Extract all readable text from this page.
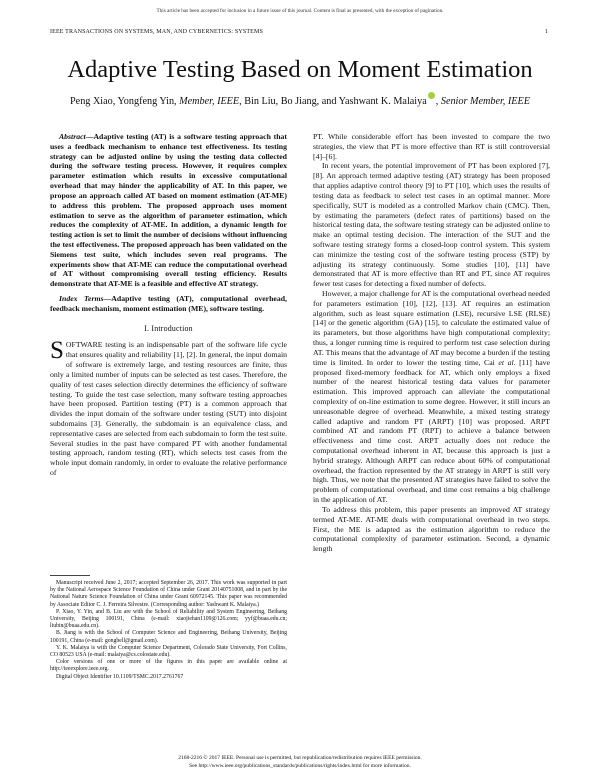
This article has been accepted for inclusion in a future issue of this journal. Content is final as presented, with the exception of pagination.
IEEE TRANSACTIONS ON SYSTEMS, MAN, AND CYBERNETICS: SYSTEMS	1
Adaptive Testing Based on Moment Estimation
Peng Xiao, Yongfeng Yin, Member, IEEE, Bin Liu, Bo Jiang, and Yashwant K. Malaiya , Senior Member, IEEE

Abstract—Adaptive testing (AT) is a software testing approach that uses a feedback mechanism to enhance test effectiveness. Its testing strategy can be adjusted online by using the testing data collected during the software testing process. However, it requires complex parameter estimation which results in excessive computational overhead that may hinder the applicability of AT. In this paper, we propose an approach called AT based on moment estimation (AT-ME) to address this problem. The proposed approach uses moment estimation to serve as the algorithm of parameter estimation, which reduces the complexity of AT-ME. In addition, a dynamic length for testing action is set to limit the number of decisions without influencing the test effectiveness. The proposed approach has been validated on the Siemens test suite, which includes seven real programs. The experiments show that AT-ME can reduce the computational overhead of AT without compromising overall testing efficiency. Results demonstrate that AT-ME is a feasible and effective AT strategy.

Index Terms—Adaptive testing (AT), computational overhead, feedback mechanism, moment estimation (ME), software testing.

I. Introduction

SOFTWARE testing is an indispensable part of the software life cycle that ensures quality and reliability [1], [2]. In general, the input domain of software is extremely large, and testing resources are finite, thus only a limited number of inputs can be selected as test cases. Therefore, the quality of test cases selection directly determines the efficiency of software testing. To guide the test case selection, many software testing approaches have been proposed. Partition testing (PT) is a common approach that divides the input domain of the software under testing (SUT) into disjoint subdomains [3]. Generally, the subdomain is an equivalence class, and representative cases are selected from each subdomain to form the test suite. Several studies in the past have compared PT with another fundamental testing approach, random testing (RT), which selects test cases from the whole input domain randomly, in order to evaluate the relative performance of

Manuscript received June 2, 2017; accepted September 26, 2017. This work was supported in part by the National Aerospace Science Foundation of China under Grant 20140751008, and in part by the National Nature Science Foundation of China under Grant 60972145. This paper was recommended by Associate Editor C. J. Ferreira Silvestre. (Corresponding author: Yashwant K. Malaiya.)

P. Xiao, Y. Yin, and B. Liu are with the School of Reliability and System Engineering, Beihang University, Beijing 100191, China (e-mail: xiaojiehan1109@126.com; yyf@buaa.edu.cn; liubin@buaa.edu.cn).

B. Jiang is with the School of Computer Science and Engineering, Beihang University, Beijing 100191, China (e-mail: gongbell@gmail.com).

Y. K. Malaiya is with the Computer Science Department, Colorado State University, Fort Collins, CO 80523 USA (e-mail: malaiya@cs.colostate.edu).

Color versions of one or more of the figures in this paper are available online at http://ieeexplore.ieee.org.

Digital Object Identifier 10.1109/TSMC.2017.2761767

PT. While considerable effort has been invested to compare the two strategies, the view that PT is more effective than RT is still controversial [4]–[6].

In recent years, the potential improvement of PT has been explored [7], [8]. An approach termed adaptive testing (AT) strategy has been proposed that applies adaptive control theory [9] to PT [10], which uses the results of testing data as feedback to select test cases in an optimal manner. More specifically, SUT is modeled as a controlled Markov chain (CMC). Then, by estimating the parameters (defect rates of partitions) based on the historical testing data, the software testing strategy can be adjusted online to make an optimal testing decision. The interaction of the SUT and the software testing strategy forms a closed-loop control system. This system can minimize the testing cost of the software testing process (STP) by adjusting its strategy continuously. Some studies [10], [11] have demonstrated that AT is more effective than RT and PT, since AT requires fewer test cases for detecting a fixed number of defects.

However, a major challenge for AT is the computational overhead needed for parameters estimation [10], [12], [13]. AT requires an estimation algorithm, such as least square estimation (LSE), recursive LSE (RLSE) [14] or the genetic algorithm (GA) [15], to calculate the estimated value of its parameters, but those algorithms have high computational complexity; thus, a longer running time is required to perform test case selection during AT. This means that the advantage of AT may become a burden if the testing time is limited. In order to lower the testing time, Cai et al. [11] have proposed fixed-memory feedback for AT, which only employs a fixed number of the nearest historical testing data values for parameter estimation. This improved approach can alleviate the computational complexity of on-line estimation to some degree. However, it still incurs an unreasonable degree of overhead. Meanwhile, a mixed testing strategy called adaptive and random PT (ARPT) [10] was proposed. ARPT combined AT and random PT (RPT) to achieve a balance between effectiveness and time cost. ARPT actually does not reduce the computational overhead inherent in AT, because this approach is just a hybrid strategy. Although ARPT can reduce about 60% of computational overhead, the fraction represented by the AT strategy in ARPT is still very high. Thus, we note that the presented AT strategies have failed to solve the problem of computational overhead, and time cost remains a big challenge in the application of AT.

To address this problem, this paper presents an improved AT strategy termed AT-ME. AT-ME deals with computational overhead in two steps. First, the ME is adapted as the estimation algorithm to reduce the computational complexity of parameter estimation. Second, a dynamic length

2168-2216 © 2017 IEEE. Personal use is permitted, but republication/redistribution requires IEEE permission.
See http://www.ieee.org/publications_standards/publications/rights/index.html for more information.
